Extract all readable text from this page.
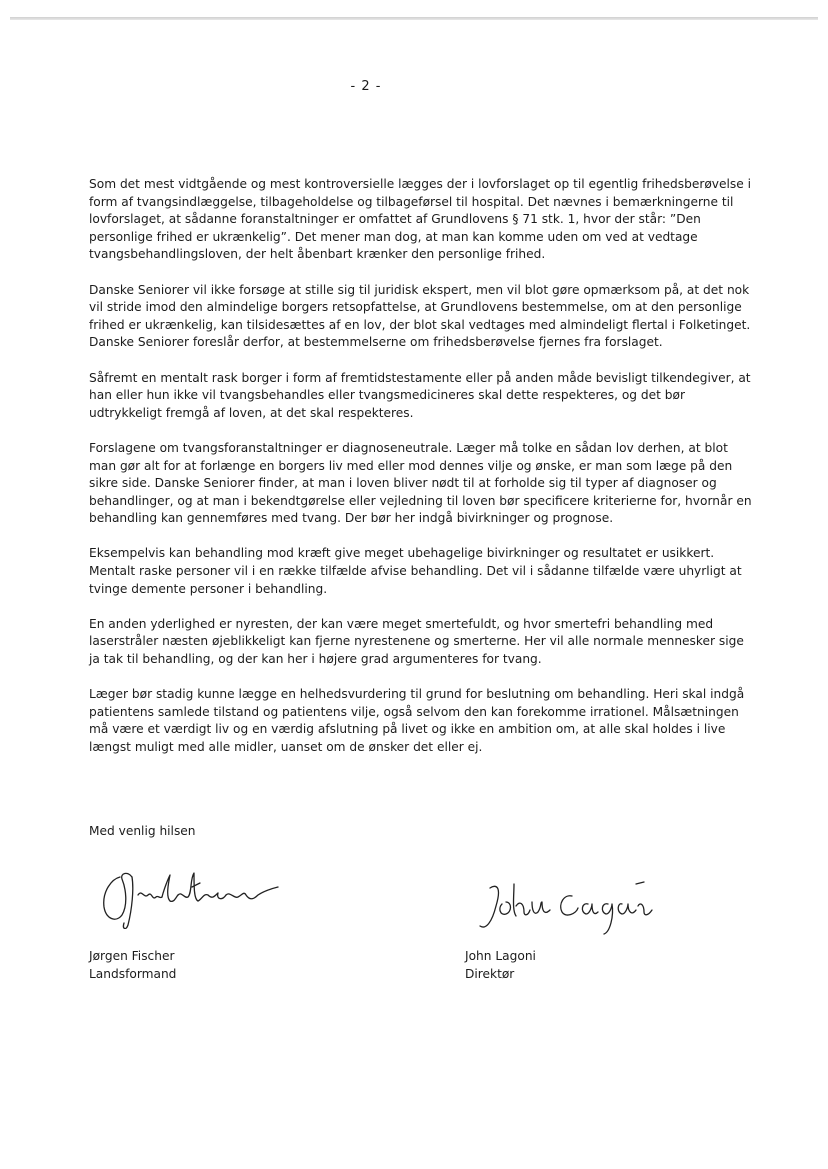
- 2 -

Som det mest vidtgående og mest kontroversielle lægges der i lovforslaget op til egentlig frihedsberøvelse i form af tvangsindlæggelse, tilbageholdelse og tilbageførsel til hospital. Det nævnes i bemærkningerne til lovforslaget, at sådanne foranstaltninger er omfattet af Grundlovens § 71 stk. 1, hvor der står: ”Den personlige frihed er ukrænkelig”. Det mener man dog, at man kan komme uden om ved at vedtage tvangsbehandlingsloven, der helt åbenbart krænker den personlige frihed.

Danske Seniorer vil ikke forsøge at stille sig til juridisk ekspert, men vil blot gøre opmærksom på, at det nok vil stride imod den almindelige borgers retsopfattelse, at Grundlovens bestemmelse, om at den personlige frihed er ukrænkelig, kan tilsidesættes af en lov, der blot skal vedtages med almindeligt flertal i Folketinget. Danske Seniorer foreslår derfor, at bestemmelserne om frihedsberøvelse fjernes fra forslaget.

Såfremt en mentalt rask borger i form af fremtidstestamente eller på anden måde bevisligt tilkendegiver, at han eller hun ikke vil tvangsbehandles eller tvangsmedicineres skal dette respekteres, og det bør udtrykkeligt fremgå af loven, at det skal respekteres.

Forslagene om tvangsforanstaltninger er diagnoseneutrale. Læger må tolke en sådan lov derhen, at blot man gør alt for at forlænge en borgers liv med eller mod dennes vilje og ønske, er man som læge på den sikre side. Danske Seniorer finder, at man i loven bliver nødt til at forholde sig til typer af diagnoser og behandlinger, og at man i bekendtgørelse eller vejledning til loven bør specificere kriterierne for, hvornår en behandling kan gennemføres med tvang. Der bør her indgå bivirkninger og prognose.

Eksempelvis kan behandling mod kræft give meget ubehagelige bivirkninger og resultatet er usikkert. Mentalt raske personer vil i en række tilfælde afvise behandling. Det vil i sådanne tilfælde være uhyrligt at tvinge demente personer i behandling.

En anden yderlighed er nyresten, der kan være meget smertefuldt, og hvor smertefri behandling med laserstråler næsten øjeblikkeligt kan fjerne nyrestenene og smerterne. Her vil alle normale mennesker sige ja tak til behandling, og der kan her i højere grad argumenteres for tvang.

Læger bør stadig kunne lægge en helhedsvurdering til grund for beslutning om behandling. Heri skal indgå patientens samlede tilstand og patientens vilje, også selvom den kan forekomme irrationel. Målsætningen må være et værdigt liv og en værdig afslutning på livet og ikke en ambition om, at alle skal holdes i live længst muligt med alle midler, uanset om de ønsker det eller ej.

Med venlig hilsen
Jørgen Fischer
Landsformand
John Lagoni
Direktør
